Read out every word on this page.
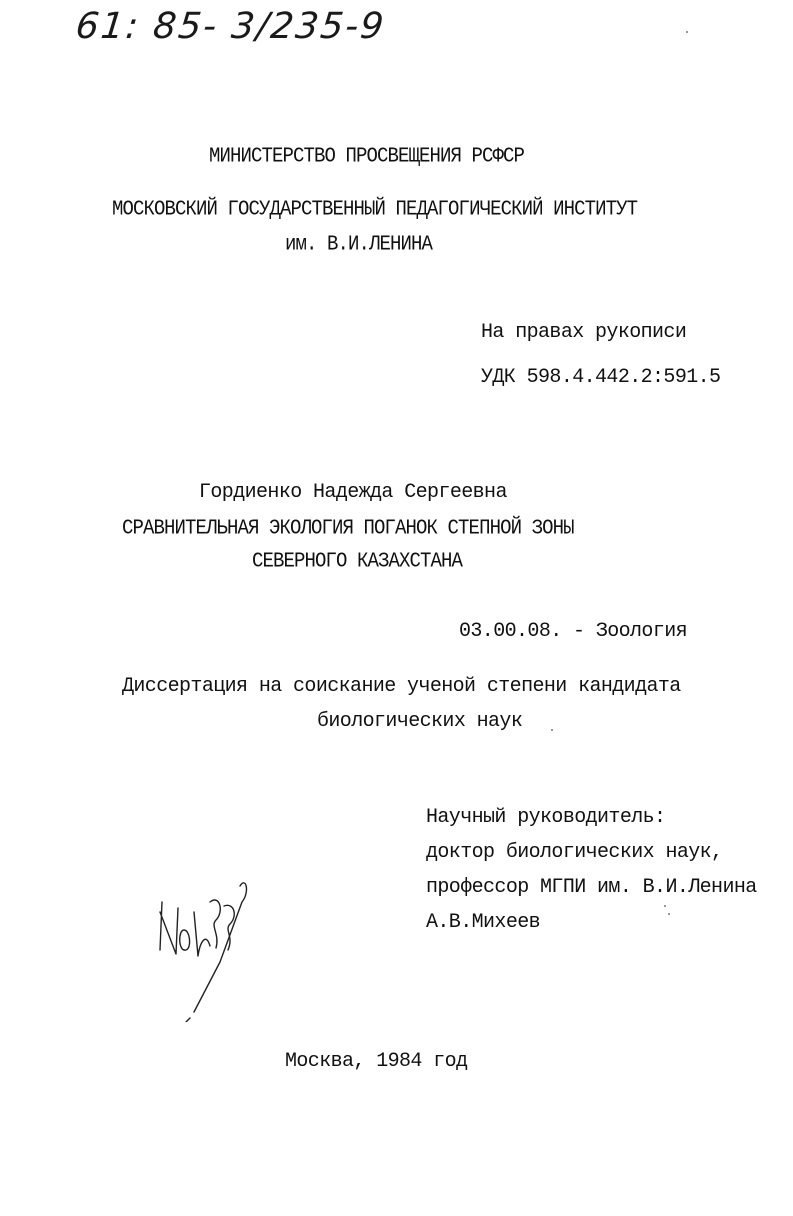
61: 85- 3/235-9
МИНИСТЕРСТВО ПРОСВЕЩЕНИЯ РСФСР
МОСКОВСКИЙ ГОСУДАРСТВЕННЫЙ ПЕДАГОГИЧЕСКИЙ ИНСТИТУТ
им. В.И.ЛЕНИНА
На правах рукописи
УДК 598.4.442.2:591.5
Гордиенко Надежда Сергеевна
СРАВНИТЕЛЬНАЯ ЭКОЛОГИЯ ПОГАНОК СТЕПНОЙ ЗОНЫ
СЕВЕРНОГО КАЗАХСТАНА
03.00.08. - Зоология
Диссертация на соискание ученой степени кандидата
биологических наук
Научный руководитель:
доктор биологических наук,
профессор МГПИ им. В.И.Ленина
А.В.Михеев
Москва, 1984 год
